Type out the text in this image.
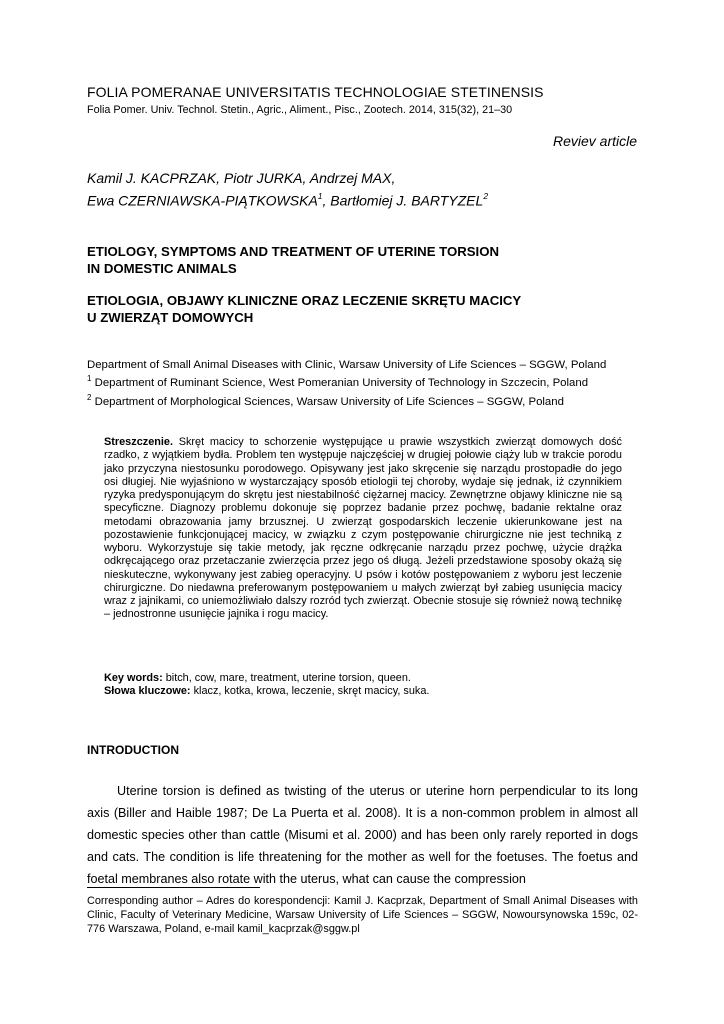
FOLIA POMERANAE UNIVERSITATIS TECHNOLOGIAE STETINENSIS
Folia Pomer. Univ. Technol. Stetin., Agric., Aliment., Pisc., Zootech. 2014, 315(32), 21–30
Reviev article
Kamil J. KACPRZAK, Piotr JURKA, Andrzej MAX,
Ewa CZERNIAWSKA-PIĄTKOWSKA$^1$, Bartłomiej J. BARTYZEL$^2$
ETIOLOGY, SYMPTOMS AND TREATMENT OF UTERINE TORSION
IN DOMESTIC ANIMALS
ETIOLOGIA, OBJAWY KLINICZNE ORAZ LECZENIE SKRĘTU MACICY
U ZWIERZĄT DOMOWYCH
Department of Small Animal Diseases with Clinic, Warsaw University of Life Sciences – SGGW, Poland
$^1$ Department of Ruminant Science, West Pomeranian University of Technology in Szczecin, Poland
$^2$ Department of Morphological Sciences, Warsaw University of Life Sciences – SGGW, Poland
Streszczenie. Skręt macicy to schorzenie występujące u prawie wszystkich zwierząt domowych dość rzadko, z wyjątkiem bydła. Problem ten występuje najczęściej w drugiej połowie ciąży lub w trakcie porodu jako przyczyna niestosunku porodowego. Opisywany jest jako skręcenie się narządu prostopadłe do jego osi długiej. Nie wyjaśniono w wystarczający sposób etiologii tej choroby, wydaje się jednak, iż czynnikiem ryzyka predysponującym do skrętu jest niestabilność ciężarnej macicy. Zewnętrzne objawy kliniczne nie są specyficzne. Diagnozy problemu dokonuje się poprzez badanie przez pochwę, badanie rektalne oraz metodami obrazowania jamy brzusznej. U zwierząt gospodarskich leczenie ukierunkowane jest na pozostawienie funkcjonującej macicy, w związku z czym postępowanie chirurgiczne nie jest techniką z wyboru. Wykorzystuje się takie metody, jak ręczne odkręcanie narządu przez pochwę, użycie drążka odkręcającego oraz przetaczanie zwierzęcia przez jego oś długą. Jeżeli przedstawione sposoby okażą się nieskuteczne, wykonywany jest zabieg operacyjny. U psów i kotów postępowaniem z wyboru jest leczenie chirurgiczne. Do niedawna preferowanym postępowaniem u małych zwierząt był zabieg usunięcia macicy wraz z jajnikami, co uniemożliwiało dalszy rozród tych zwierząt. Obecnie stosuje się również nową technikę – jednostronne usunięcie jajnika i rogu macicy.
Key words: bitch, cow, mare, treatment, uterine torsion, queen.
Słowa kluczowe: klacz, kotka, krowa, leczenie, skręt macicy, suka.
INTRODUCTION

Uterine torsion is defined as twisting of the uterus or uterine horn perpendicular to its long axis (Biller and Haible 1987; De La Puerta et al. 2008). It is a non-common problem in almost all domestic species other than cattle (Misumi et al. 2000) and has been only rarely reported in dogs and cats. The condition is life threatening for the mother as well for the foetuses. The foetus and foetal membranes also rotate with the uterus, what can cause the compression

Corresponding author – Adres do korespondencji: Kamil J. Kacprzak, Department of Small Animal Diseases with Clinic, Faculty of Veterinary Medicine, Warsaw University of Life Sciences – SGGW, Nowoursynowska 159c, 02-776 Warszawa, Poland, e-mail kamil_kacprzak@sggw.pl
